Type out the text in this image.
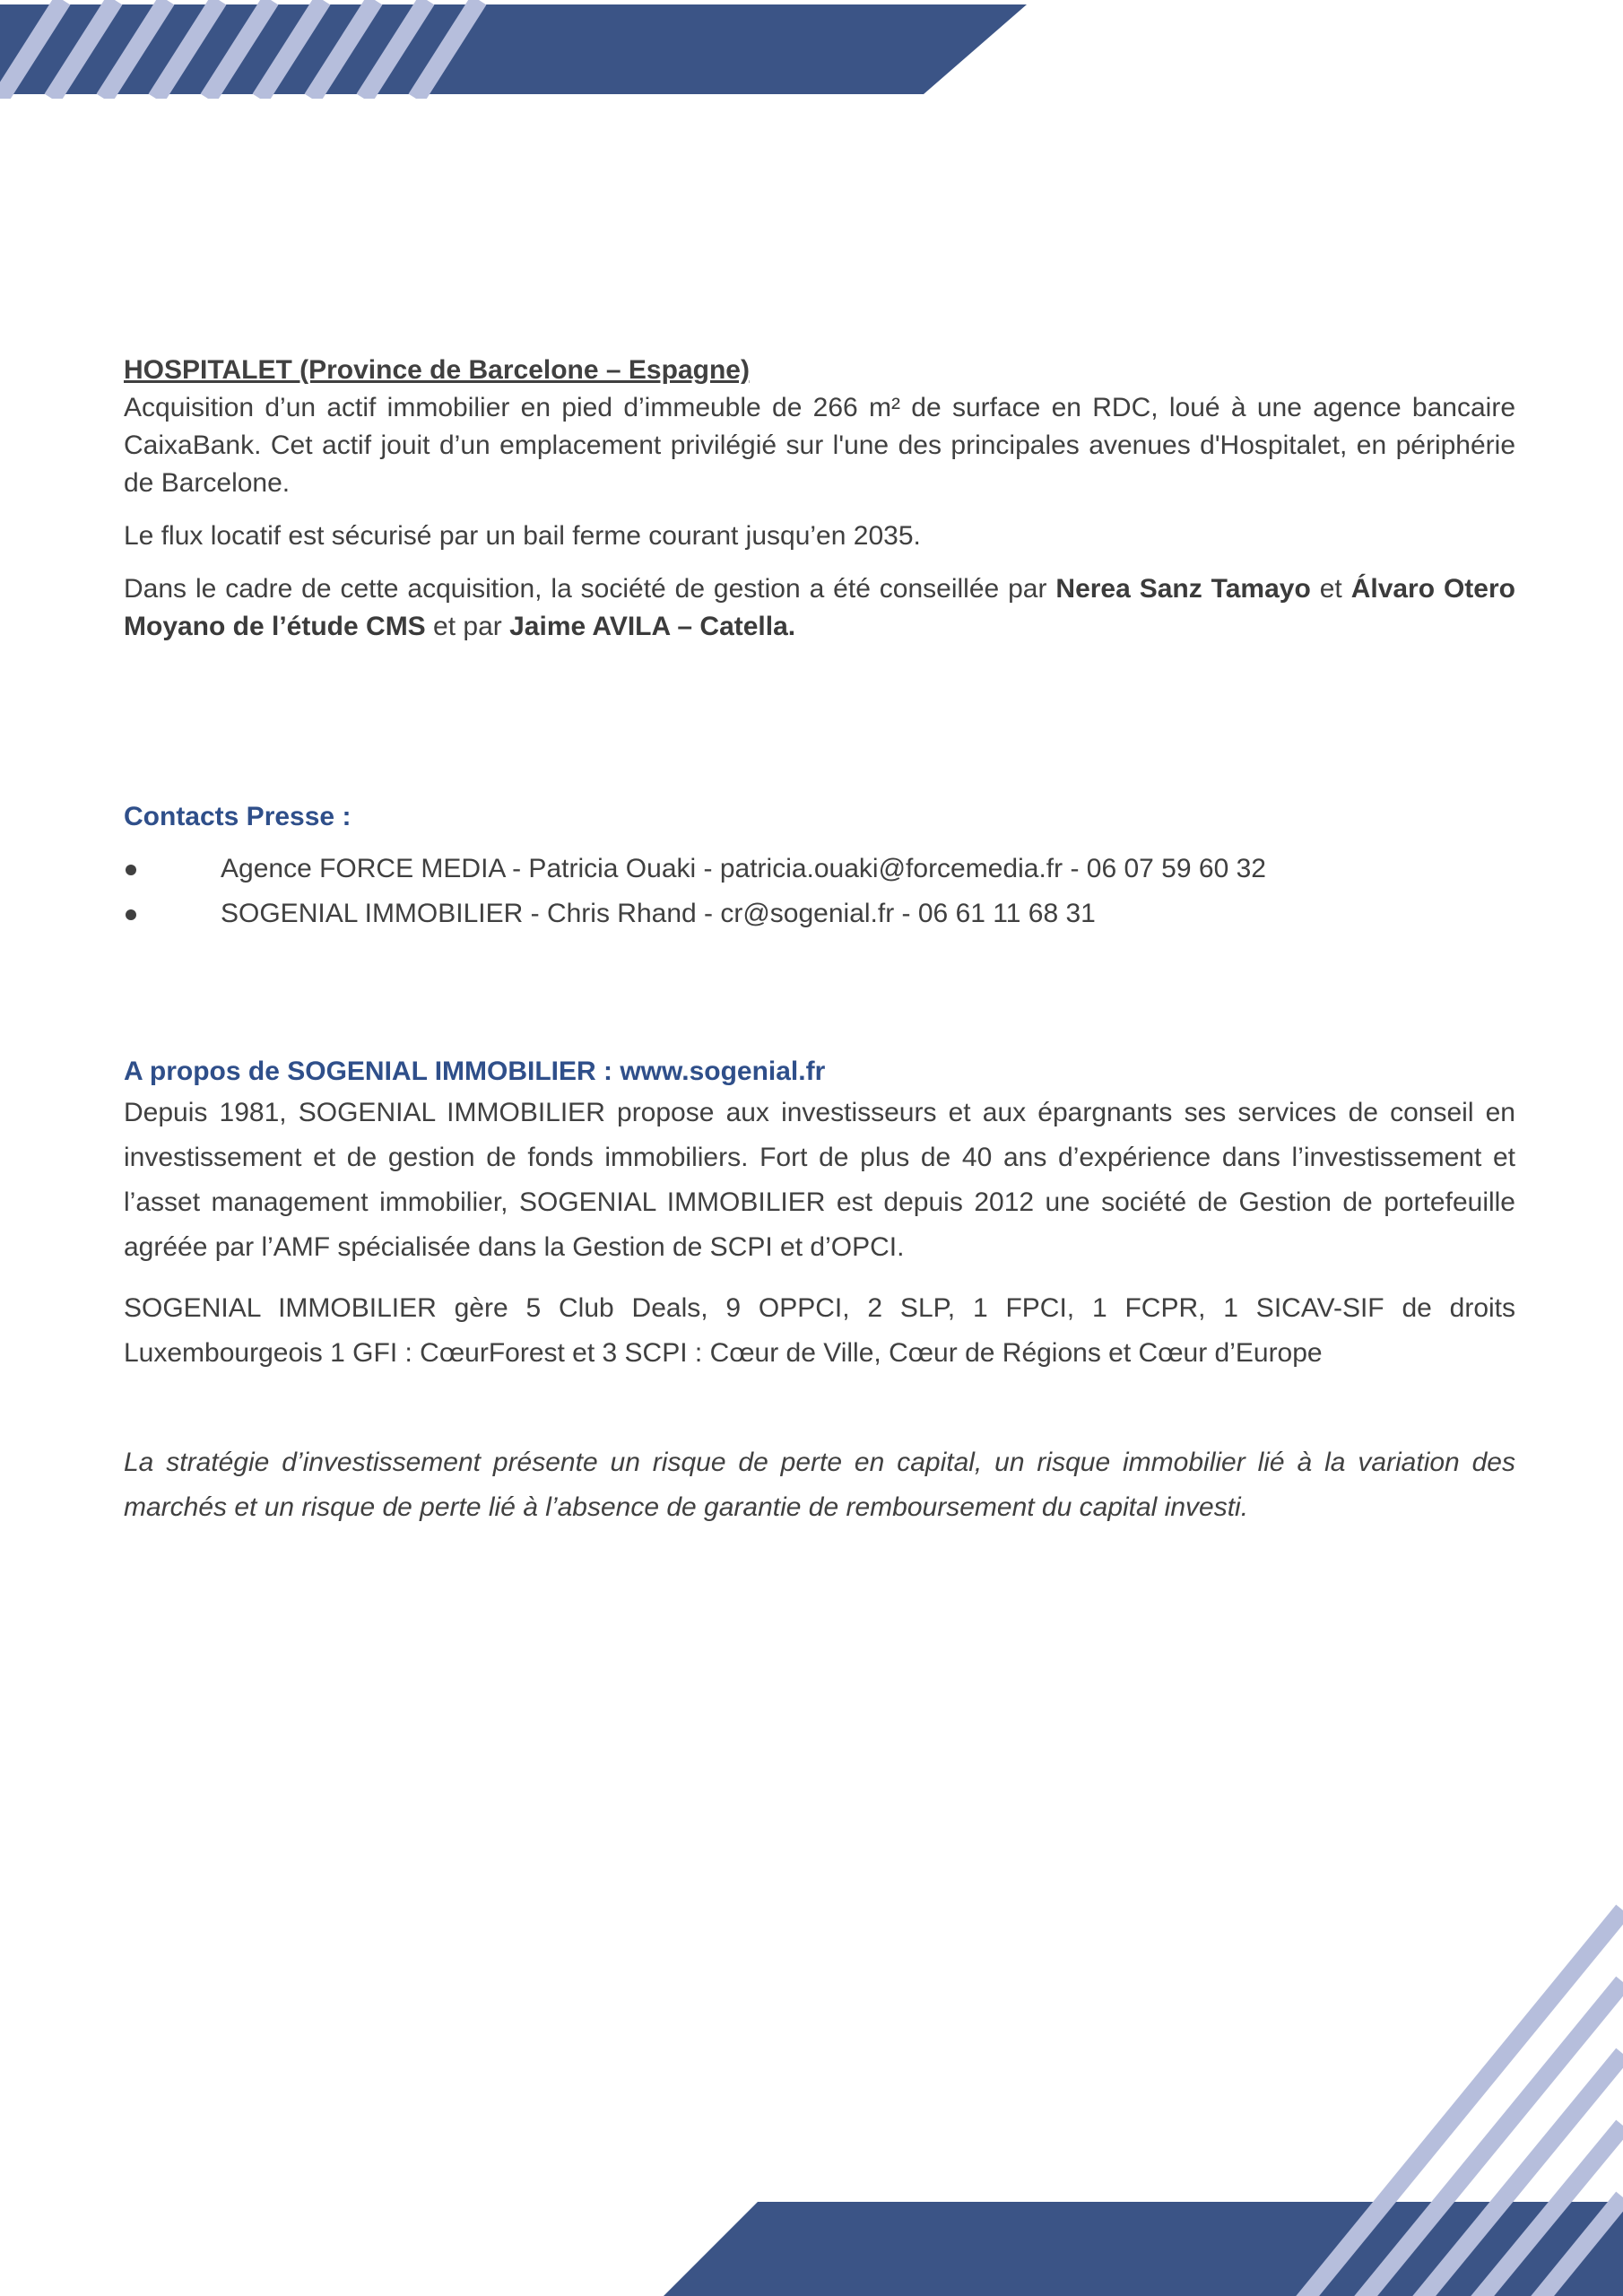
HOSPITALET (Province de Barcelone – Espagne)

Acquisition d’un actif immobilier en pied d’immeuble de 266 m² de surface en RDC, loué à une agence bancaire CaixaBank. Cet actif jouit d’un emplacement privilégié sur l'une des principales avenues d'Hospitalet, en périphérie de Barcelone.

Le flux locatif est sécurisé par un bail ferme courant jusqu’en 2035.

Dans le cadre de cette acquisition, la société de gestion a été conseillée par Nerea Sanz Tamayo et Álvaro Otero Moyano de l’étude CMS et par Jaime AVILA – Catella.

Contacts Presse :
Agence FORCE MEDIA - Patricia Ouaki - patricia.ouaki@forcemedia.fr - 06 07 59 60 32
SOGENIAL IMMOBILIER - Chris Rhand - cr@sogenial.fr - 06 61 11 68 31
A propos de SOGENIAL IMMOBILIER : www.sogenial.fr

Depuis 1981, SOGENIAL IMMOBILIER propose aux investisseurs et aux épargnants ses services de conseil en investissement et de gestion de fonds immobiliers. Fort de plus de 40 ans d’expérience dans l’investissement et l’asset management immobilier, SOGENIAL IMMOBILIER est depuis 2012 une société de Gestion de portefeuille agréée par l’AMF spécialisée dans la Gestion de SCPI et d’OPCI.

SOGENIAL IMMOBILIER gère 5 Club Deals, 9 OPPCI, 2 SLP, 1 FPCI, 1 FCPR, 1 SICAV-SIF de droits Luxembourgeois 1 GFI : CœurForest et 3 SCPI : Cœur de Ville, Cœur de Régions et Cœur d’Europe

La stratégie d’investissement présente un risque de perte en capital, un risque immobilier lié à la variation des marchés et un risque de perte lié à l’absence de garantie de remboursement du capital investi.
